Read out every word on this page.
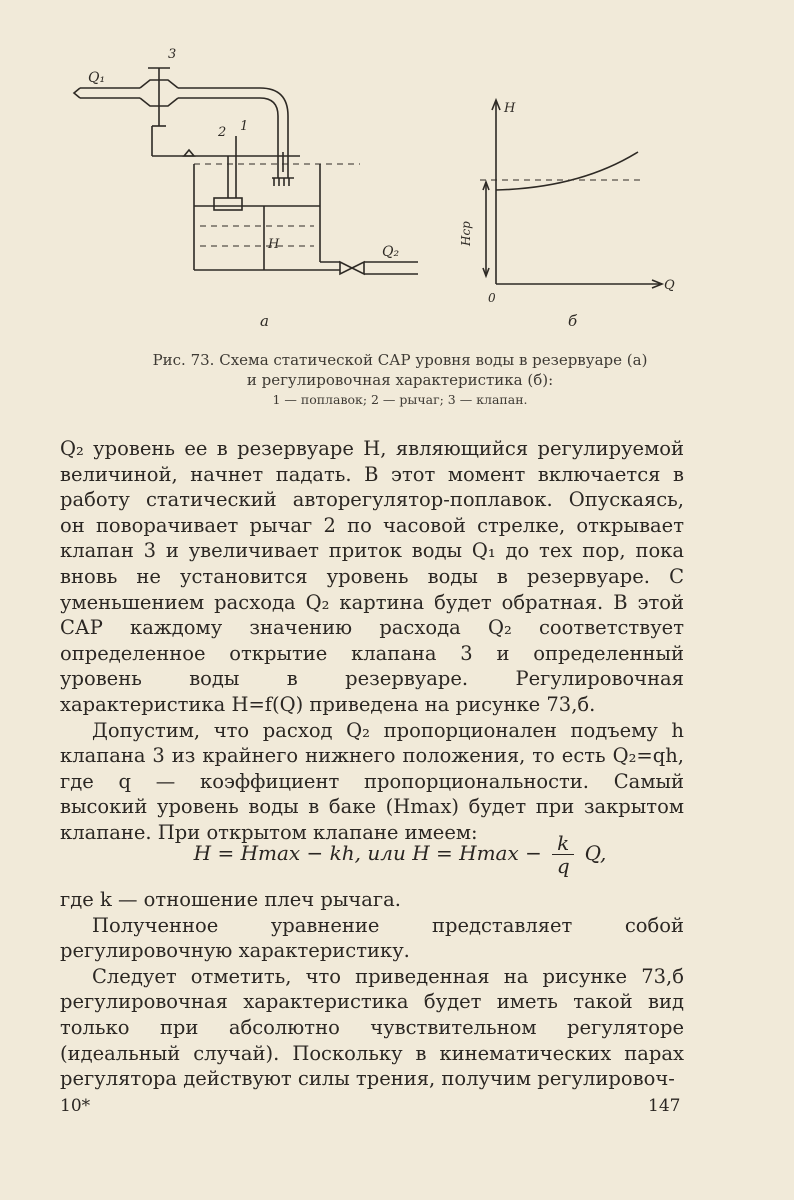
Q₁
3
2 1
H	Q₂
а
H
Q
0
Hср
б
Рис. 73. Схема статической САР уровня воды в резервуаре (а)
и регулировочная характеристика (б):
1 — поплавок; 2 — рычаг; 3 — клапан.

Q₂ уровень ее в резервуаре H, являющийся регулируемой величиной, начнет падать. В этот момент включается в работу статический авторегулятор-поплавок. Опускаясь, он поворачивает рычаг 2 по часовой стрелке, открывает клапан 3 и увеличивает приток воды Q₁ до тех пор, пока вновь не установится уровень воды в резервуаре. С уменьшением расхода Q₂ картина будет обратная. В этой САР каждому значению расхода Q₂ соответствует определенное открытие клапана 3 и определенный уровень воды в резервуаре. Регулировочная характеристика H=f(Q) приведена на рисунке 73,б.

Допустим, что расход Q₂ пропорционален подъему h клапана 3 из крайнего нижнего положения, то есть Q₂=qh, где q — коэффициент пропорциональности. Самый высокий уровень воды в баке (Hmax) будет при закрытом клапане. При открытом клапане имеем:

H = Hmax − kh, или $H = Hmax - \frac{k}{q} Q$,

где k — отношение плеч рычага.

Полученное уравнение представляет собой регулировочную характеристику.

Следует отметить, что приведенная на рисунке 73,б регулировочная характеристика будет иметь такой вид только при абсолютно чувствительном регуляторе (идеальный случай). Поскольку в кинематических парах регулятора действуют силы трения, получим регулировоч-

10*	147
